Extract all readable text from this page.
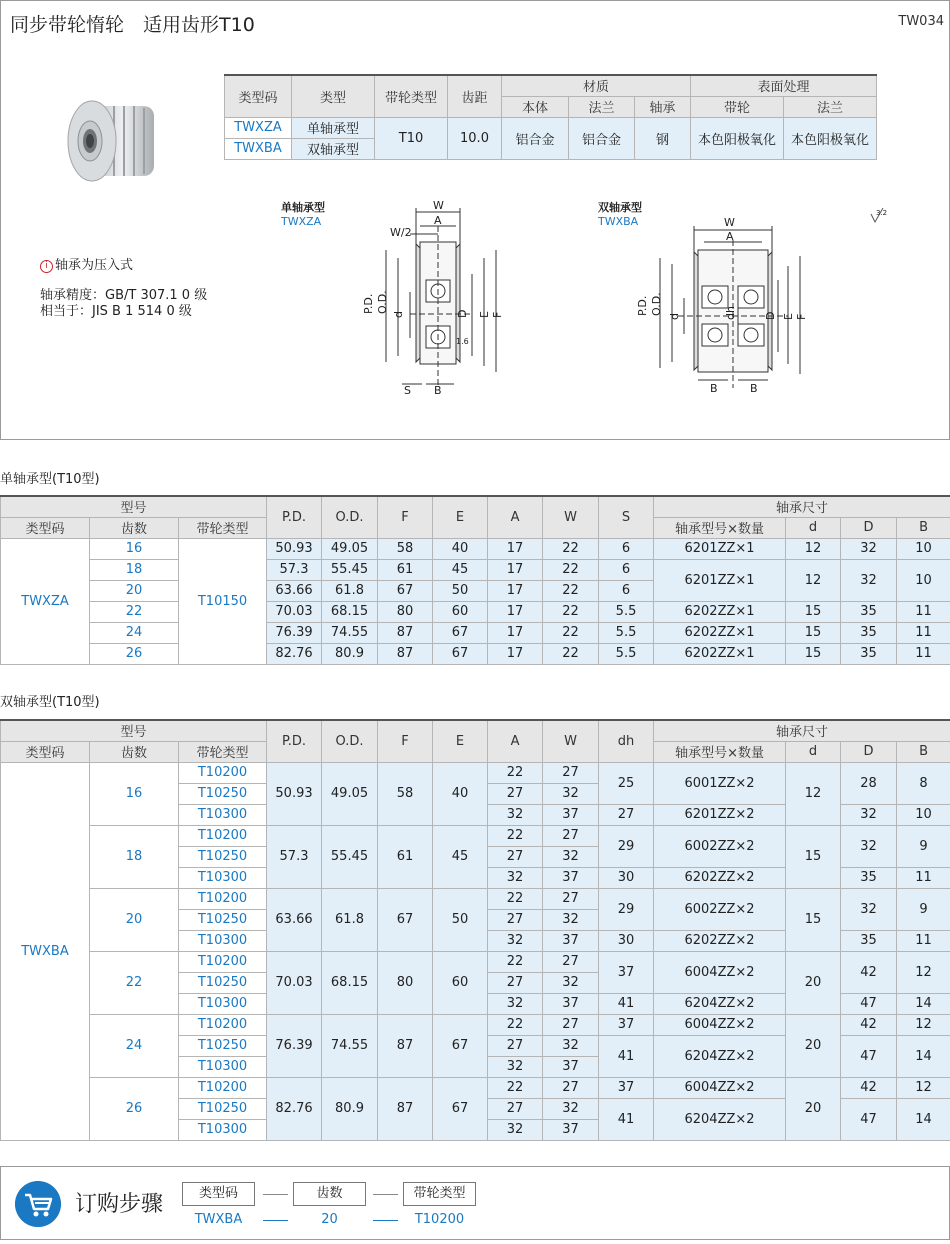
同步带轮惰轮　适用齿形T10	TW034
类型码	类型	带轮类型	齿距	材质			表面处理	
				本体	法兰	轴承	带轮	法兰
TWXZA	单轴承型	T10	10.0	铝合金	铝合金	钢	本色阳极氧化	本色阳极氧化
TWXBA	双轴承型							
i 轴承为压入式
轴承精度：GB/T 307.1 0 级
相当于：JIS B 1 514 0 级
单轴承型
TWXZA
双轴承型
TWXBA
W
A
W/2
P.D. O.D.
d	D E F
S B
1.6
W
A
P.D. O.D.
d	dh D E F
B	B
3.2
单轴承型(T10型)
型号			P.D.	O.D.	F	E	A	W	S	轴承尺寸			
类型码	齿数	带轮类型								轴承型号×数量	d	D	B
TWXZA	16	T10150	50.93	49.05	58	40	17	22	6	6201ZZ×1	12	32	10
	18		57.3	55.45	61	45	17	22	6	6201ZZ×1	12	32	10
	20		63.66	61.8	67	50	17	22	6				
	22		70.03	68.15	80	60	17	22	5.5	6202ZZ×1	15	35	11
	24		76.39	74.55	87	67	17	22	5.5	6202ZZ×1	15	35	11
	26		82.76	80.9	87	67	17	22	5.5	6202ZZ×1	15	35	11
双轴承型(T10型)
型号			P.D.	O.D.	F	E	A	W	dh	轴承尺寸			
类型码	齿数	带轮类型								轴承型号×数量	d	D	B
TWXBA	16	T10200	50.93	49.05	58	40	22	27	25	6001ZZ×2	12	28	8
		T10250					27	32					
		T10300					32	37	27	6201ZZ×2		32	10
	18	T10200	57.3	55.45	61	45	22	27	29	6002ZZ×2	15	32	9
		T10250					27	32					
		T10300					32	37	30	6202ZZ×2		35	11
	20	T10200	63.66	61.8	67	50	22	27	29	6002ZZ×2	15	32	9
		T10250					27	32					
		T10300					32	37	30	6202ZZ×2		35	11
	22	T10200	70.03	68.15	80	60	22	27	37	6004ZZ×2	20	42	12
		T10250					27	32					
		T10300					32	37	41	6204ZZ×2		47	14
	24	T10200	76.39	74.55	87	67	22	27	37	6004ZZ×2	20	42	12
		T10250					27	32	41	6204ZZ×2		47	14
		T10300					32	37					
	26	T10200	82.76	80.9	87	67	22	27	37	6004ZZ×2	20	42	12
		T10250					27	32	41	6204ZZ×2		47	14
		T10300					32	37					
订购步骤	类型码	齿数	带轮类型
TWXBA	20	T10200
